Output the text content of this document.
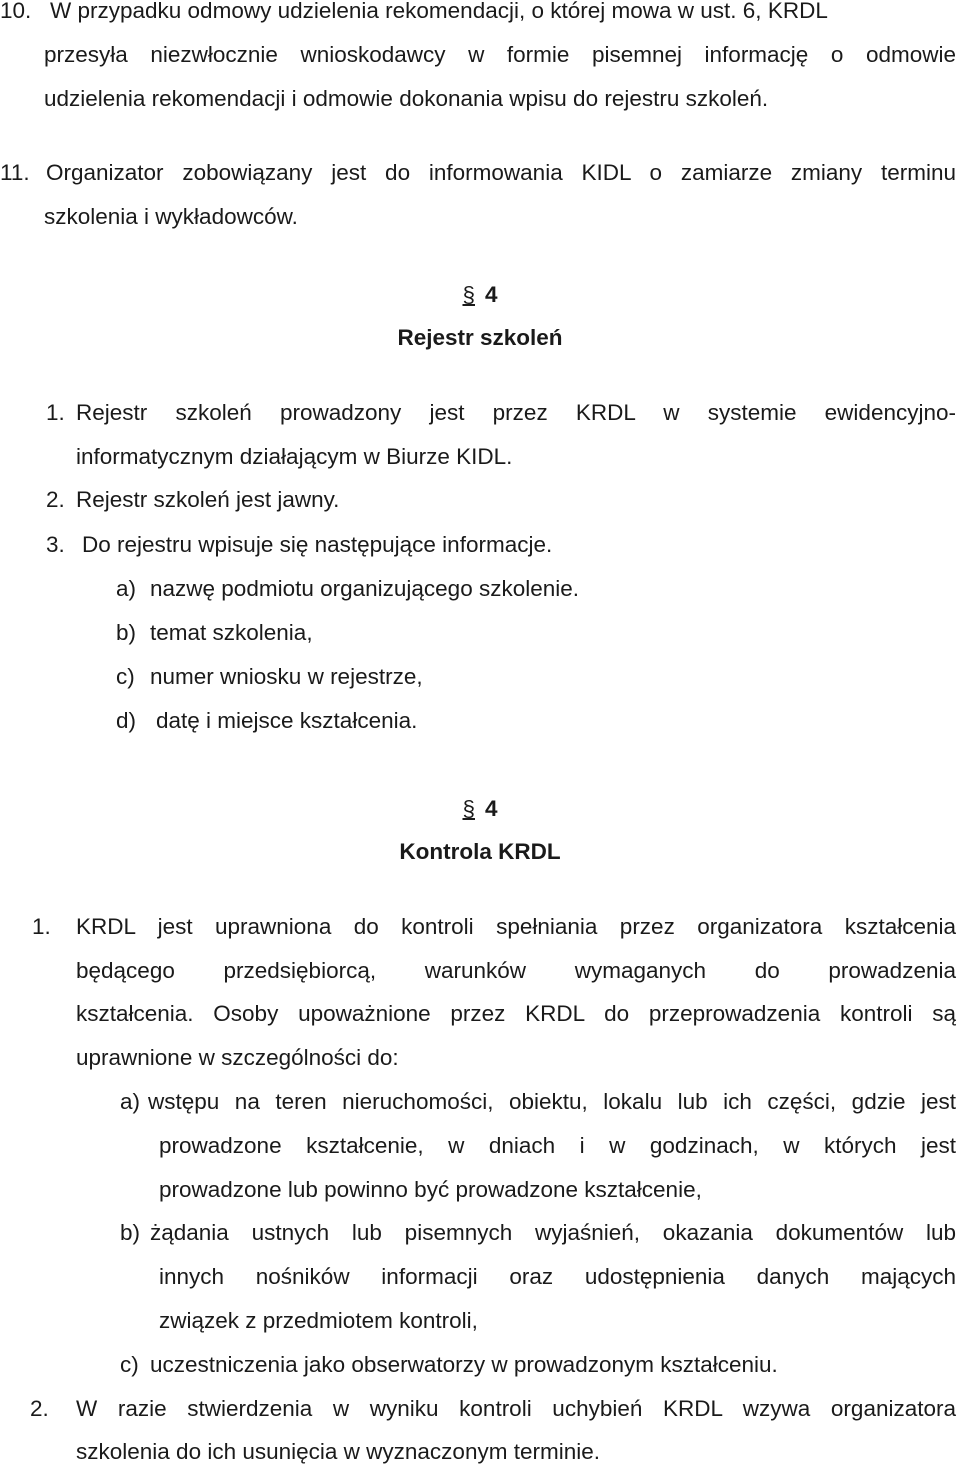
10. W przypadku odmowy udzielenia rekomendacji, o której mowa w ust. 6, KRDL
przesyła niezwłocznie wnioskodawcy w formie pisemnej informację o odmowie
udzielenia rekomendacji i odmowie dokonania wpisu do rejestru szkoleń.
11. Organizator zobowiązany jest do informowania KIDL o zamiarze zmiany terminu
szkolenia i wykładowców.
§ 4
Rejestr szkoleń
1. Rejestr szkoleń prowadzony jest przez KRDL w systemie ewidencyjno-
informatycznym działającym w Biurze KIDL.
2. Rejestr szkoleń jest jawny.
3. Do rejestru wpisuje się następujące informacje.
a) nazwę podmiotu organizującego szkolenie.
b) temat szkolenia,
c) numer wniosku w rejestrze,
d) datę i miejsce kształcenia.
§ 4
Kontrola KRDL
1. KRDL jest uprawniona do kontroli spełniania przez organizatora kształcenia
będącego przedsiębiorcą, warunków wymaganych do prowadzenia
kształcenia. Osoby upoważnione przez KRDL do przeprowadzenia kontroli są
uprawnione w szczególności do:
a) wstępu na teren nieruchomości, obiektu, lokalu lub ich części, gdzie jest
prowadzone kształcenie, w dniach i w godzinach, w których jest
prowadzone lub powinno być prowadzone kształcenie,
b) żądania ustnych lub pisemnych wyjaśnień, okazania dokumentów lub
innych nośników informacji oraz udostępnienia danych mających
związek z przedmiotem kontroli,
c) uczestniczenia jako obserwatorzy w prowadzonym kształceniu.
2. W razie stwierdzenia w wyniku kontroli uchybień KRDL wzywa organizatora
szkolenia do ich usunięcia w wyznaczonym terminie.
